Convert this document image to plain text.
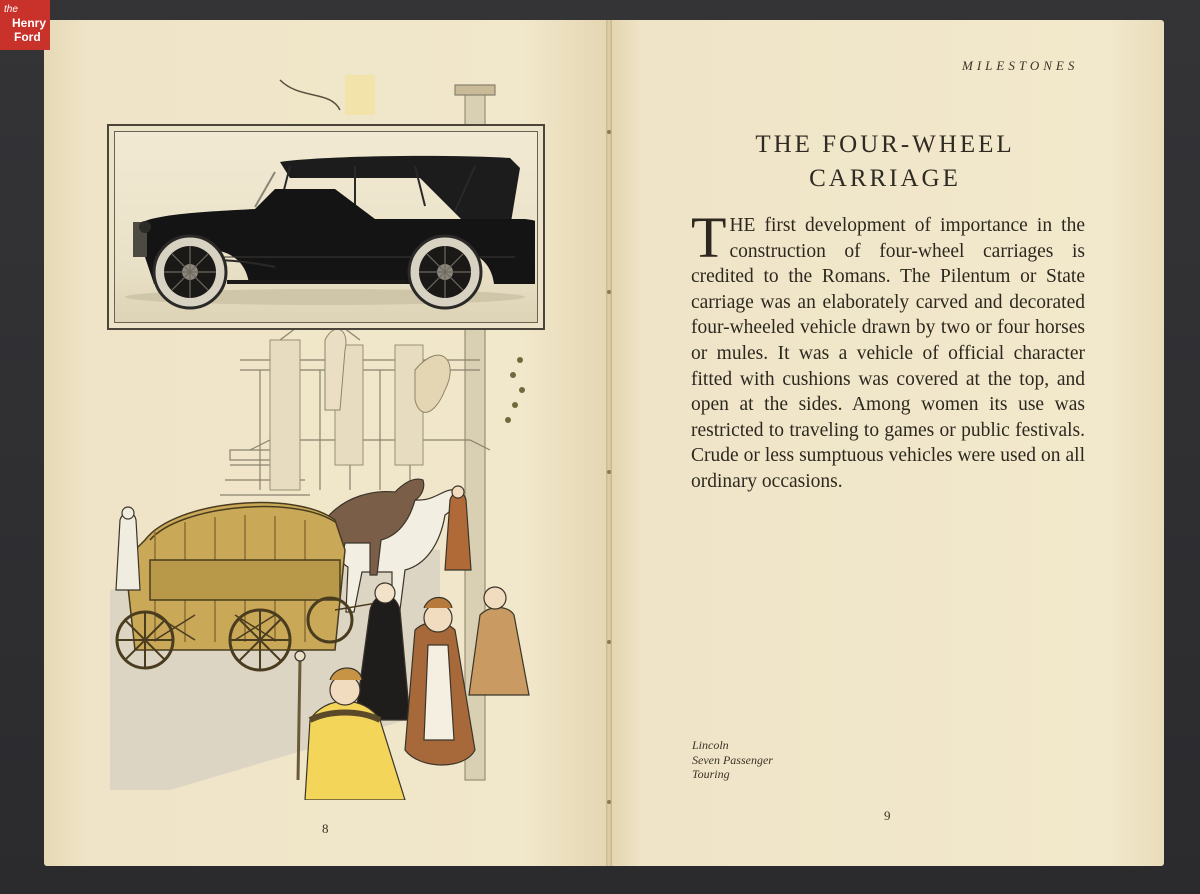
the
Henry
Ford
8
MILESTONES
THE FOUR-WHEEL
CARRIAGE
THE first development of importance in the construction of four-wheel carriages is credited to the Romans. The Pilentum or State carriage was an elaborately carved and decorated four-wheeled vehicle drawn by two or four horses or mules. It was a vehicle of official character fitted with cushions was covered at the top, and open at the sides. Among women its use was restricted to traveling to games or public festivals. Crude or less sumptuous vehicles were used on all ordinary occasions.
Lincoln
Seven Passenger
Touring
9
